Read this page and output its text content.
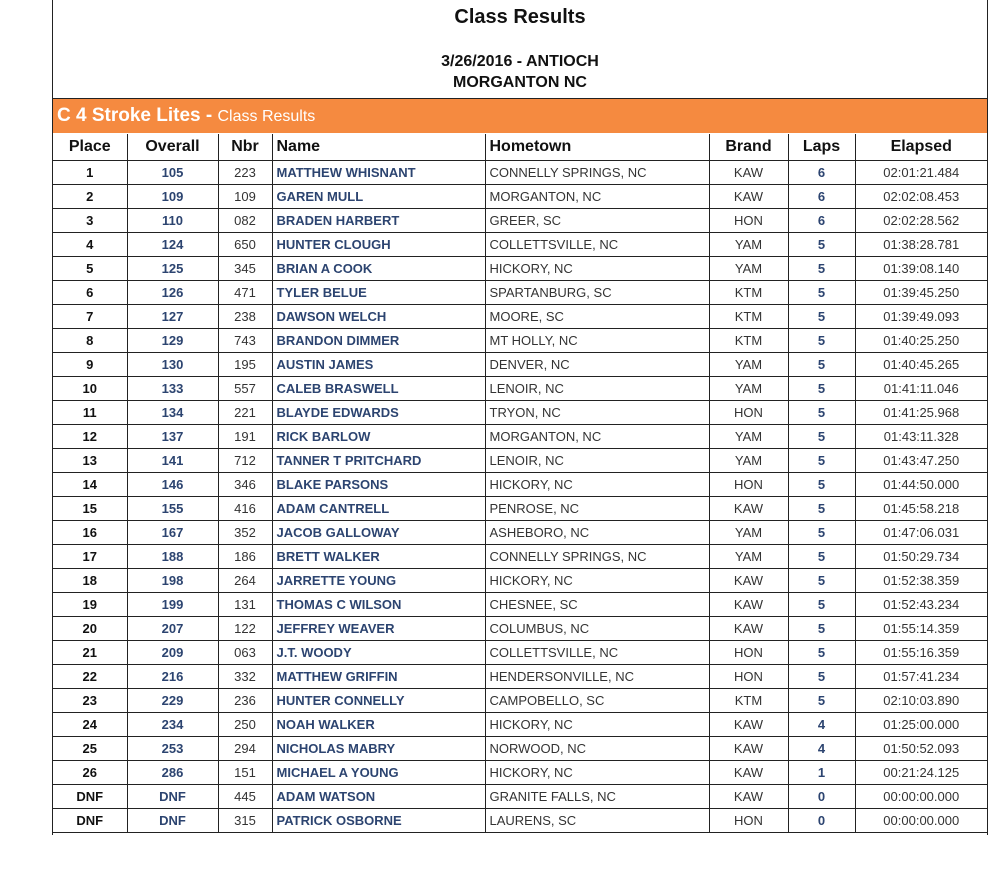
Class Results
3/26/2016 - ANTIOCH
MORGANTON NC
C 4 Stroke Lites - Class Results
Place	Overall	Nbr	Name	Hometown	Brand	Laps	Elapsed
1	105	223	MATTHEW WHISNANT	CONNELLY SPRINGS, NC	KAW	6	02:01:21.484
2	109	109	GAREN MULL	MORGANTON, NC	KAW	6	02:02:08.453
3	110	082	BRADEN HARBERT	GREER, SC	HON	6	02:02:28.562
4	124	650	HUNTER CLOUGH	COLLETTSVILLE, NC	YAM	5	01:38:28.781
5	125	345	BRIAN A COOK	HICKORY, NC	YAM	5	01:39:08.140
6	126	471	TYLER BELUE	SPARTANBURG, SC	KTM	5	01:39:45.250
7	127	238	DAWSON WELCH	MOORE, SC	KTM	5	01:39:49.093
8	129	743	BRANDON DIMMER	MT HOLLY, NC	KTM	5	01:40:25.250
9	130	195	AUSTIN JAMES	DENVER, NC	YAM	5	01:40:45.265
10	133	557	CALEB BRASWELL	LENOIR, NC	YAM	5	01:41:11.046
11	134	221	BLAYDE EDWARDS	TRYON, NC	HON	5	01:41:25.968
12	137	191	RICK BARLOW	MORGANTON, NC	YAM	5	01:43:11.328
13	141	712	TANNER T PRITCHARD	LENOIR, NC	YAM	5	01:43:47.250
14	146	346	BLAKE PARSONS	HICKORY, NC	HON	5	01:44:50.000
15	155	416	ADAM CANTRELL	PENROSE, NC	KAW	5	01:45:58.218
16	167	352	JACOB GALLOWAY	ASHEBORO, NC	YAM	5	01:47:06.031
17	188	186	BRETT WALKER	CONNELLY SPRINGS, NC	YAM	5	01:50:29.734
18	198	264	JARRETTE YOUNG	HICKORY, NC	KAW	5	01:52:38.359
19	199	131	THOMAS C WILSON	CHESNEE, SC	KAW	5	01:52:43.234
20	207	122	JEFFREY WEAVER	COLUMBUS, NC	KAW	5	01:55:14.359
21	209	063	J.T. WOODY	COLLETTSVILLE, NC	HON	5	01:55:16.359
22	216	332	MATTHEW GRIFFIN	HENDERSONVILLE, NC	HON	5	01:57:41.234
23	229	236	HUNTER CONNELLY	CAMPOBELLO, SC	KTM	5	02:10:03.890
24	234	250	NOAH WALKER	HICKORY, NC	KAW	4	01:25:00.000
25	253	294	NICHOLAS MABRY	NORWOOD, NC	KAW	4	01:50:52.093
26	286	151	MICHAEL A YOUNG	HICKORY, NC	KAW	1	00:21:24.125
DNF	DNF	445	ADAM WATSON	GRANITE FALLS, NC	KAW	0	00:00:00.000
DNF	DNF	315	PATRICK OSBORNE	LAURENS, SC	HON	0	00:00:00.000
